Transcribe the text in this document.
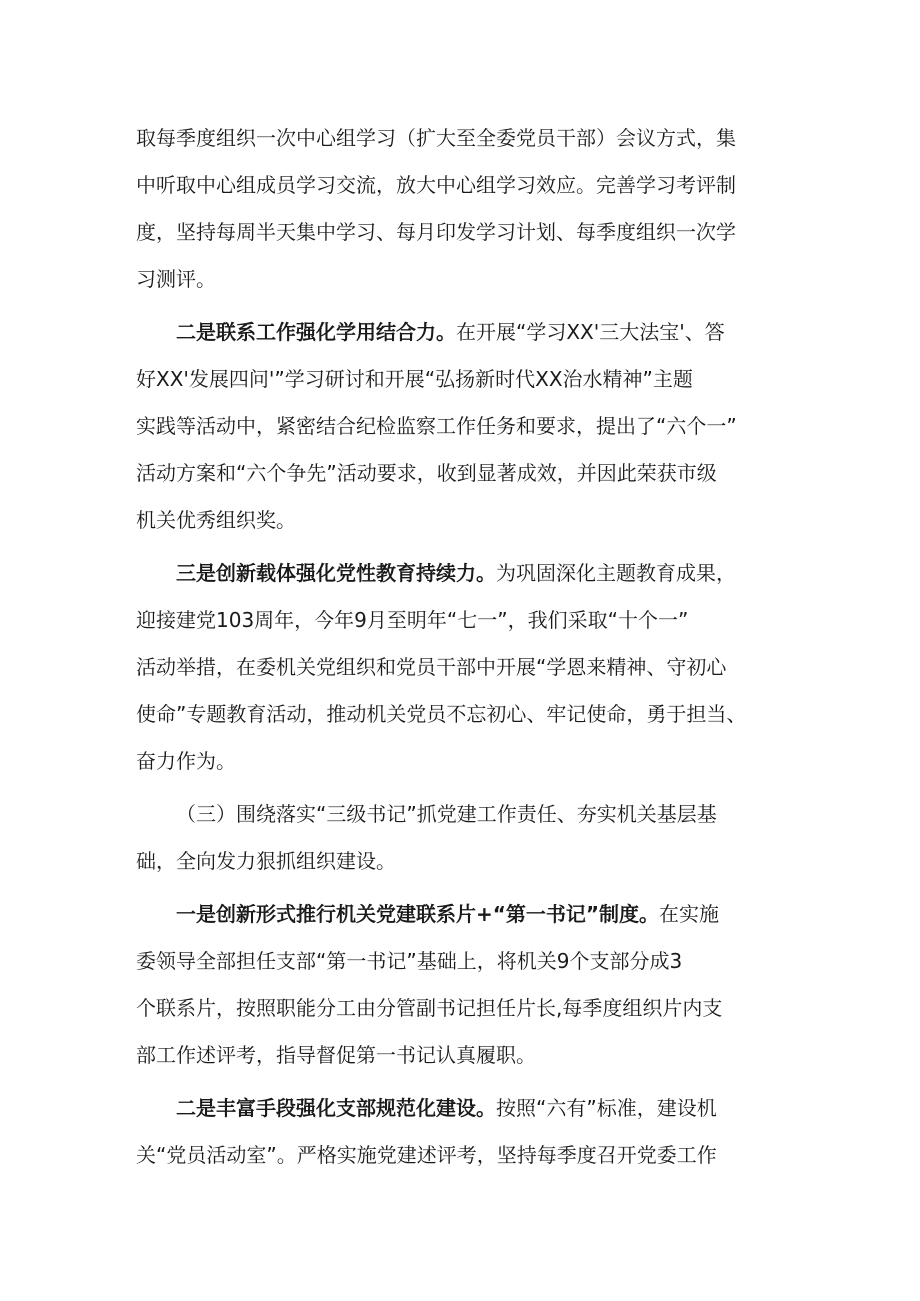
取每季度组织一次中心组学习（扩大至全委党员干部）会议方式，集
中听取中心组成员学习交流，放大中心组学习效应。完善学习考评制
度，坚持每周半天集中学习、每月印发学习计划、每季度组织一次学
习测评。
二是联系工作强化学用结合力。在开展“学习XX'三大法宝'、答
好XX'发展四问'”学习研讨和开展“弘扬新时代XX治水精神”主题
实践等活动中，紧密结合纪检监察工作任务和要求，提出了“六个一”
活动方案和“六个争先”活动要求，收到显著成效，并因此荣获市级
机关优秀组织奖。
三是创新载体强化党性教育持续力。为巩固深化主题教育成果，
迎接建党103周年，今年9月至明年“七一”，我们采取“十个一”
活动举措，在委机关党组织和党员干部中开展“学恩来精神、守初心
使命”专题教育活动，推动机关党员不忘初心、牢记使命，勇于担当、
奋力作为。
（三）围绕落实“三级书记”抓党建工作责任、夯实机关基层基
础，全向发力狠抓组织建设。
一是创新形式推行机关党建联系片+“第一书记”制度。在实施
委领导全部担任支部“第一书记”基础上，将机关9个支部分成3
个联系片，按照职能分工由分管副书记担任片长,每季度组织片内支
部工作述评考，指导督促第一书记认真履职。
二是丰富手段强化支部规范化建设。按照“六有”标准，建设机
关“党员活动室”。严格实施党建述评考，坚持每季度召开党委工作
